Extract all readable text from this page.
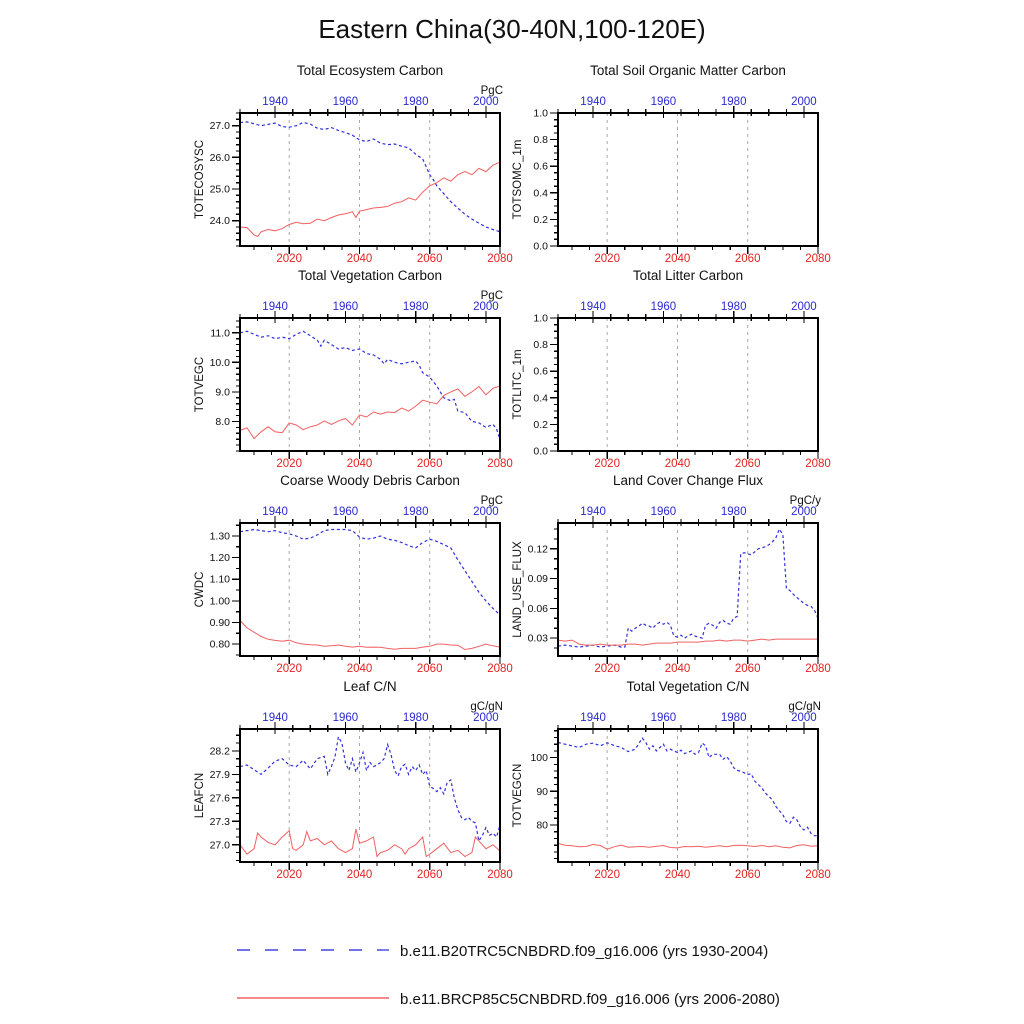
Eastern China(30-40N,100-120E)
1940	1960	1980	2000
2020	2040	2060	2080
24.0
25.0
26.0
27.0
TOTECOSYSC
Total Ecosystem Carbon
PgC
1940	1960	1980	2000
2020	2040	2060	2080
0.0
0.2
0.4
0.6
0.8
1.0
TOTSOMC_1m
Total Soil Organic Matter Carbon
1940	1960	1980	2000
2020	2040	2060	2080
8.0
9.0
10.0
11.0
TOTVEGC
Total Vegetation Carbon
PgC
1940	1960	1980	2000
2020	2040	2060	2080
0.0
0.2
0.4
0.6
0.8
1.0
TOTLITC_1m
Total Litter Carbon
1940	1960	1980	2000
2020	2040	2060	2080
0.80
0.90
1.00
1.10
1.20
1.30
CWDC
Coarse Woody Debris Carbon
PgC
1940	1960	1980	2000
2020	2040	2060	2080
0.03
0.06
0.09
0.12
LAND_USE_FLUX
Land Cover Change Flux
PgC/y
1940	1960	1980	2000
2020	2040	2060	2080
27.0
27.3
27.6
27.9
28.2
LEAFCN
Leaf C/N
gC/gN
1940	1960	1980	2000
2020	2040	2060	2080
80
90
100
TOTVEGCN
Total Vegetation C/N
gC/gN
b.e11.B20TRC5CNBDRD.f09_g16.006 (yrs 1930-2004)
b.e11.BRCP85C5CNBDRD.f09_g16.006 (yrs 2006-2080)
